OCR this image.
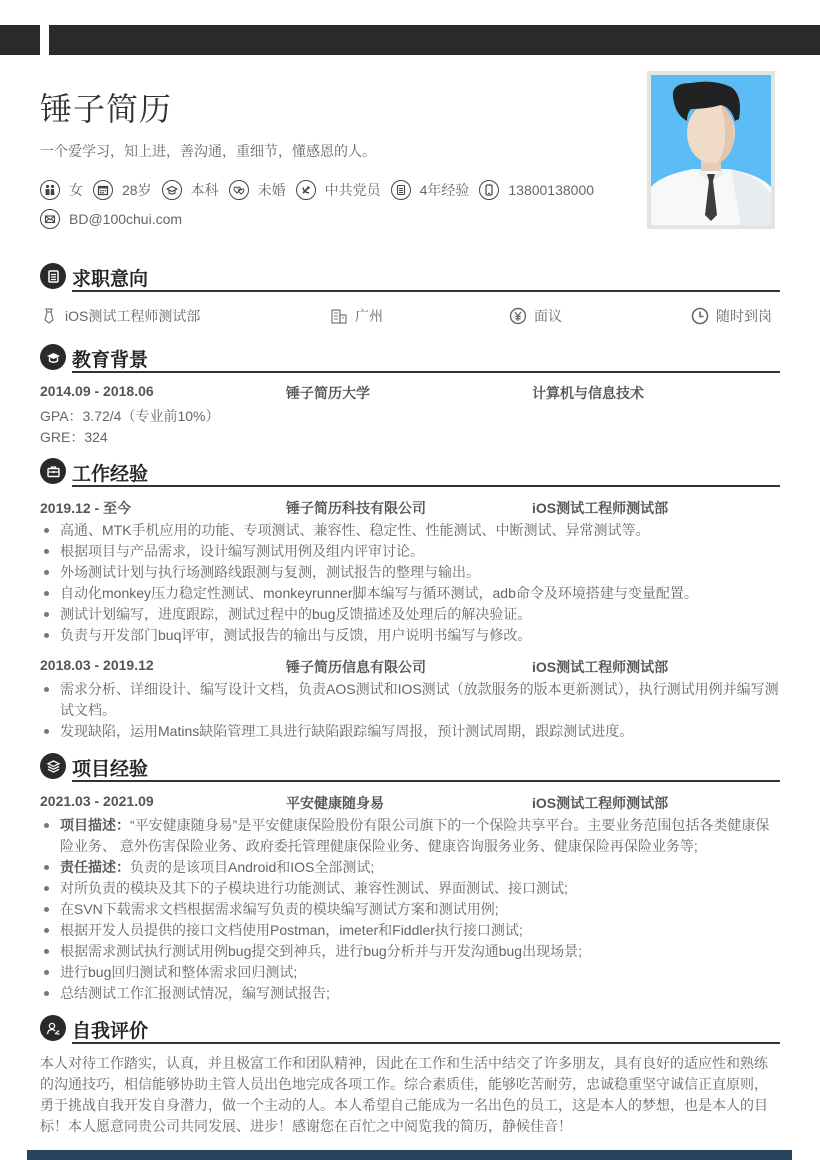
锤子简历
一个爱学习，知上进，善沟通，重细节，懂感恩的人。
女	28岁	本科	未婚	中共党员	4年经验	13800138000
BD@100chui.com
求职意向
iOS测试工程师测试部	广州	面议	随时到岗
教育背景
2014.09 - 2018.06	锤子简历大学	计算机与信息技术
GPA：3.72/4（专业前10%）
GRE：324
工作经验
2019.12 - 至今	锤子简历科技有限公司	iOS测试工程师测试部
高通、MTK手机应用的功能、专项测试、兼容性、稳定性、性能测试、中断测试、异常测试等。
根据项目与产品需求，设计编写测试用例及组内评审讨论。
外场测试计划与执行场测路线跟测与复测，测试报告的整理与输出。
自动化monkey压力稳定性测试、monkeyrunner脚本编写与循环测试，adb命令及环境搭建与变量配置。
测试计划编写，进度跟踪，测试过程中的bug反馈描述及处理后的解决验证。
负责与开发部门buq评审，测试报告的输出与反馈，用户说明书编写与修改。
2018.03 - 2019.12	锤子简历信息有限公司	iOS测试工程师测试部
需求分析、详细设计、编写设计文档，负责AOS测试和IOS测试（放款服务的版本更新测试），执行测试用例并编写测试文档。
发现缺陷，运用Matins缺陷管理工具进行缺陷跟踪编写周报，预计测试周期，跟踪测试进度。
项目经验
2021.03 - 2021.09	平安健康随身易	iOS测试工程师测试部
项目描述：“平安健康随身易”是平安健康保险股份有限公司旗下的一个保险共享平台。主要业务范围包括各类健康保险业务、 意外伤害保险业务、政府委托管理健康保险业务、健康咨询服务业务、健康保险再保险业务等;
责任描述：负责的是该项目Android和IOS全部测试;
对所负责的模块及其下的子模块进行功能测试、兼容性测试、界面测试、接口测试;
在SVN下载需求文档根据需求编写负责的模块编写测试方案和测试用例;
根据开发人员提供的接口文档使用Postman，imeter和Fiddler执行接口测试;
根据需求测试执行测试用例bug提交到神兵，进行bug分析并与开发沟通bug出现场景;
进行bug回归测试和整体需求回归测试;
总结测试工作汇报测试情况，编写测试报告;
自我评价
本人对待工作踏实，认真，并且极富工作和团队精神，因此在工作和生活中结交了许多朋友，具有良好的适应性和熟练的沟通技巧，相信能够协助主管人员出色地完成各项工作。综合素质佳，能够吃苦耐劳，忠诚稳重坚守诚信正直原则，勇于挑战自我开发自身潜力，做一个主动的人。本人希望自己能成为一名出色的员工，这是本人的梦想，也是本人的目标！本人愿意同贵公司共同发展、进步！感谢您在百忙之中阅览我的简历，静候佳音！
